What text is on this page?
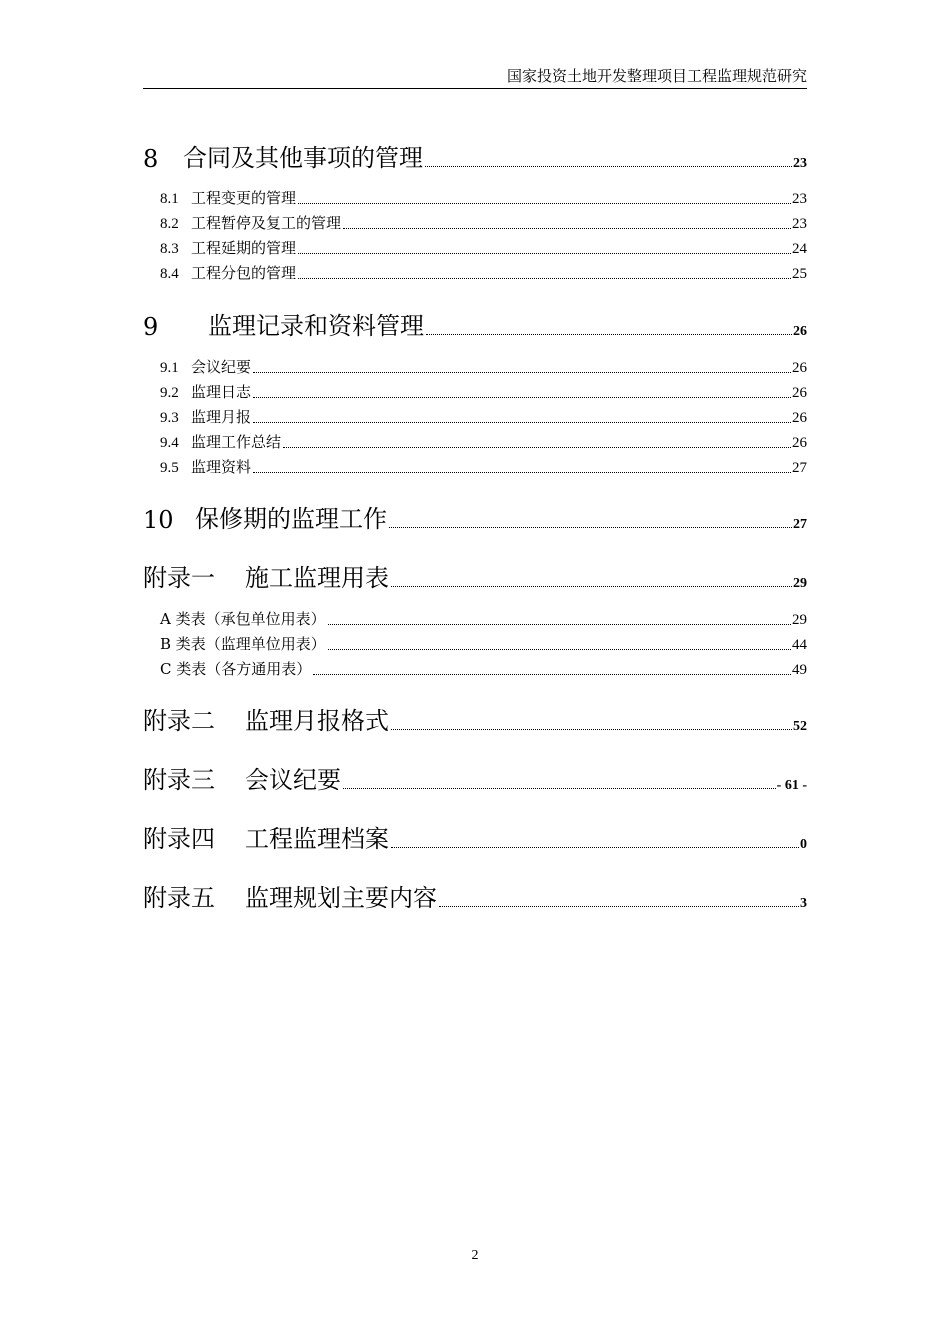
国家投资土地开发整理项目工程监理规范研究
8	合同及其他事项的管理	23
8.1 工程变更的管理	23
8.2 工程暂停及复工的管理	23
8.3 工程延期的管理	24
8.4 工程分包的管理	25
9	监理记录和资料管理	26
9.1 会议纪要	26
9.2 监理日志	26
9.3 监理月报	26
9.4 监理工作总结	26
9.5 监理资料	27
10 保修期的监理工作	27
附录一	施工监理用表	29
A 类表（承包单位用表）	29
B 类表（监理单位用表）	44
C 类表（各方通用表）	49
附录二	监理月报格式	52
附录三	会议纪要	- 61 -
附录四	工程监理档案	0
附录五	监理规划主要内容	3
2
